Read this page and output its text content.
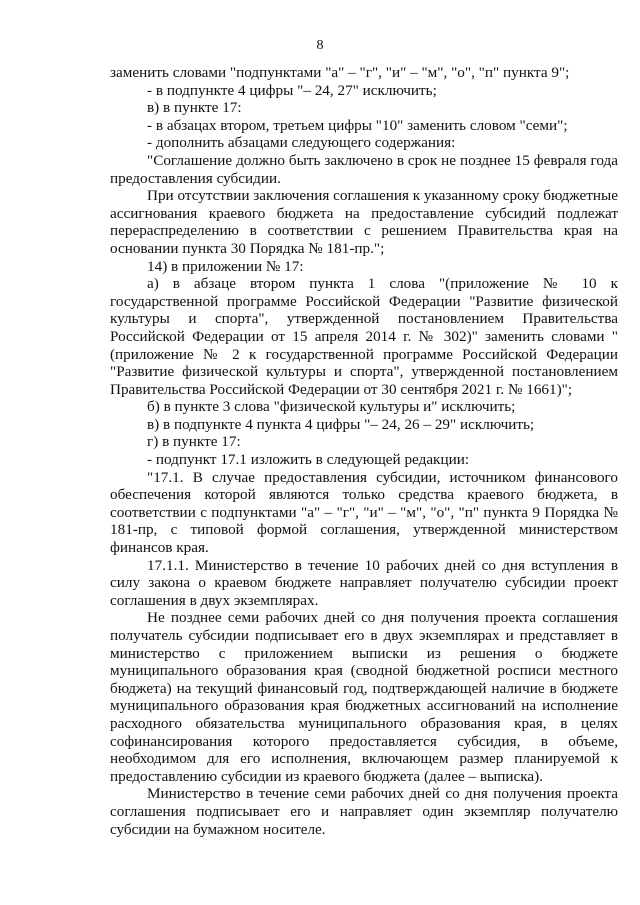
8

заменить словами "подпунктами "а" – "г", "и" – "м", "о", "п" пункта 9";

- в подпункте 4 цифры "– 24, 27" исключить;

в) в пункте 17:

- в абзацах втором, третьем цифры "10" заменить словом "семи";

- дополнить абзацами следующего содержания:

"Соглашение должно быть заключено в срок не позднее 15 февраля года предоставления субсидии.

При отсутствии заключения соглашения к указанному сроку бюджетные ассигнования краевого бюджета на предоставление субсидий подлежат перераспределению в соответствии с решением Правительства края на основании пункта 30 Порядка № 181-пр.";

14) в приложении № 17:

а) в абзаце втором пункта 1 слова "(приложение № 10 к государственной программе Российской Федерации "Развитие физической культуры и спорта", утвержденной постановлением Правительства Российской Федерации от 15 апреля 2014 г. № 302)" заменить словами "(приложение № 2 к государственной программе Российской Федерации "Развитие физической культуры и спорта", утвержденной постановлением Правительства Российской Федерации от 30 сентября 2021 г. № 1661)";

б) в пункте 3 слова "физической культуры и" исключить;

в) в подпункте 4 пункта 4 цифры "– 24, 26 – 29" исключить;

г) в пункте 17:

- подпункт 17.1 изложить в следующей редакции:

"17.1. В случае предоставления субсидии, источником финансового обеспечения которой являются только средства краевого бюджета, в соответствии с подпунктами "а" – "г", "и" – "м", "о", "п" пункта 9 Порядка № 181-пр, с типовой формой соглашения, утвержденной министерством финансов края.

17.1.1. Министерство в течение 10 рабочих дней со дня вступления в силу закона о краевом бюджете направляет получателю субсидии проект соглашения в двух экземплярах.

Не позднее семи рабочих дней со дня получения проекта соглашения получатель субсидии подписывает его в двух экземплярах и представляет в министерство с приложением выписки из решения о бюджете муниципального образования края (сводной бюджетной росписи местного бюджета) на текущий финансовый год, подтверждающей наличие в бюджете муниципального образования края бюджетных ассигнований на исполнение расходного обязательства муниципального образования края, в целях софинансирования которого предоставляется субсидия, в объеме, необходимом для его исполнения, включающем размер планируемой к предоставлению субсидии из краевого бюджета (далее – выписка).

Министерство в течение семи рабочих дней со дня получения проекта соглашения подписывает его и направляет один экземпляр получателю субсидии на бумажном носителе.
